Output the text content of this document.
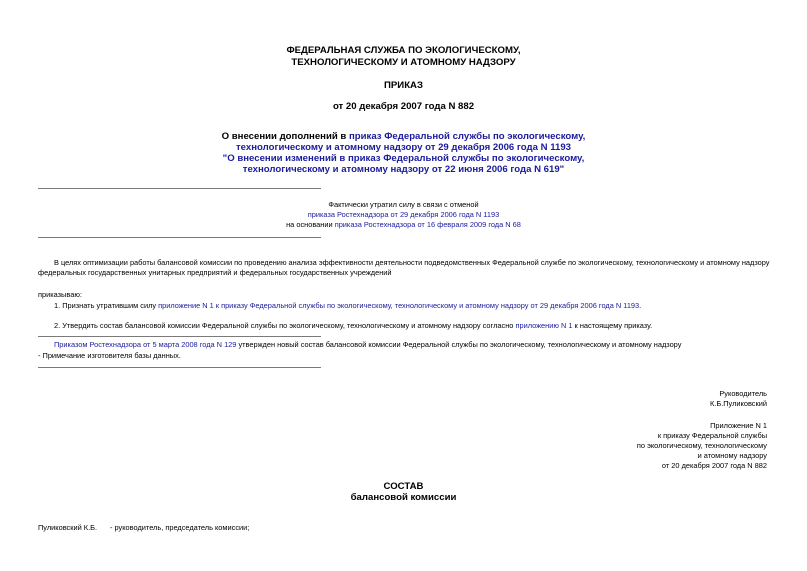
ФЕДЕРАЛЬНАЯ СЛУЖБА ПО ЭКОЛОГИЧЕСКОМУ,
ТЕХНОЛОГИЧЕСКОМУ И АТОМНОМУ НАДЗОРУ
ПРИКАЗ
от 20 декабря 2007 года N 882
О внесении дополнений в приказ Федеральной службы по экологическому,
технологическому и атомному надзору от 29 декабря 2006 года N 1193
"О внесении изменений в приказ Федеральной службы по экологическому,
технологическому и атомному надзору от 22 июня 2006 года N 619"
Фактически утратил силу в связи с отменой
приказа Ростехнадзора от 29 декабря 2006 года N 1193
на основании приказа Ростехнадзора от 16 февраля 2009 года N 68
В целях оптимизации работы балансовой комиссии по проведению анализа эффективности деятельности подведомственных Федеральной службе по экологическому, технологическому и атомному надзору федеральных государственных унитарных предприятий и федеральных государственных учреждений
приказываю:
1. Признать утратившим силу приложение N 1 к приказу Федеральной службы по экологическому, технологическому и атомному надзору от 29 декабря 2006 года N 1193.
2. Утвердить состав балансовой комиссии Федеральной службы по экологическому, технологическому и атомному надзору согласно приложению N 1 к настоящему приказу.
Приказом Ростехнадзора от 5 марта 2008 года N 129 утвержден новый состав балансовой комиссии Федеральной службы по экологическому, технологическому и атомному надзору
- Примечание изготовителя базы данных.
Руководитель
К.Б.Пуликовский
Приложение N 1
к приказу Федеральной службы
по экологическому, технологическому
и атомному надзору
от 20 декабря 2007 года N 882
СОСТАВ
балансовой комиссии
Пуликовский К.Б. - руководитель, председатель комиссии;
